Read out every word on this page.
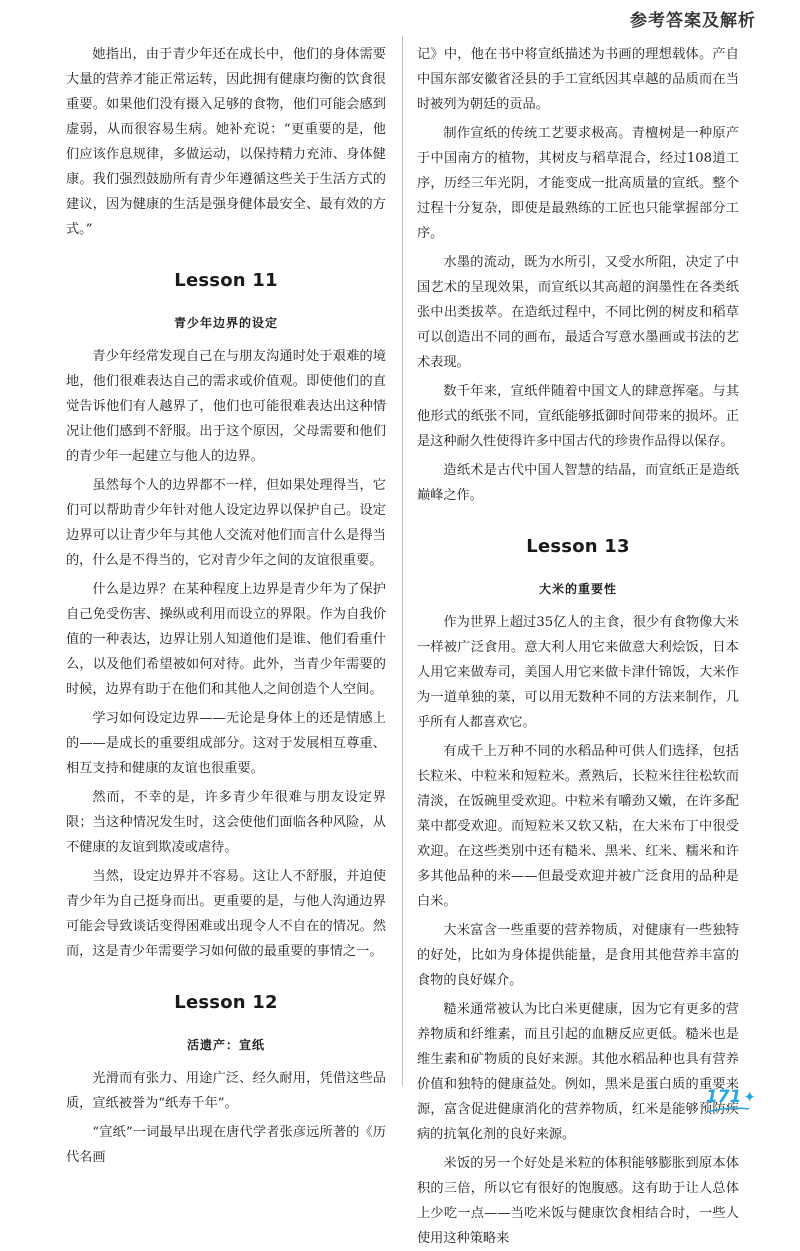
参考答案及解析

她指出，由于青少年还在成长中，他们的身体需要大量的营养才能正常运转，因此拥有健康均衡的饮食很重要。如果他们没有摄入足够的食物，他们可能会感到虚弱，从而很容易生病。她补充说：“更重要的是，他们应该作息规律，多做运动，以保持精力充沛、身体健康。我们强烈鼓励所有青少年遵循这些关于生活方式的建议，因为健康的生活是强身健体最安全、最有效的方式。”

Lesson 11
青少年边界的设定

青少年经常发现自己在与朋友沟通时处于艰难的境地，他们很难表达自己的需求或价值观。即使他们的直觉告诉他们有人越界了，他们也可能很难表达出这种情况让他们感到不舒服。出于这个原因，父母需要和他们的青少年一起建立与他人的边界。

虽然每个人的边界都不一样，但如果处理得当，它们可以帮助青少年针对他人设定边界以保护自己。设定边界可以让青少年与其他人交流对他们而言什么是得当的，什么是不得当的，它对青少年之间的友谊很重要。

什么是边界？在某种程度上边界是青少年为了保护自己免受伤害、操纵或利用而设立的界限。作为自我价值的一种表达，边界让别人知道他们是谁、他们看重什么，以及他们希望被如何对待。此外，当青少年需要的时候，边界有助于在他们和其他人之间创造个人空间。

学习如何设定边界——无论是身体上的还是情感上的——是成长的重要组成部分。这对于发展相互尊重、相互支持和健康的友谊也很重要。

然而，不幸的是，许多青少年很难与朋友设定界限；当这种情况发生时，这会使他们面临各种风险，从不健康的友谊到欺凌或虐待。

当然，设定边界并不容易。这让人不舒服，并迫使青少年为自己挺身而出。更重要的是，与他人沟通边界可能会导致谈话变得困难或出现令人不自在的情况。然而，这是青少年需要学习如何做的最重要的事情之一。

Lesson 12
活遗产：宣纸

光滑而有张力、用途广泛、经久耐用，凭借这些品质，宣纸被誉为“纸寿千年”。

“宣纸”一词最早出现在唐代学者张彦远所著的《历代名画

记》中，他在书中将宣纸描述为书画的理想载体。产自中国东部安徽省泾县的手工宣纸因其卓越的品质而在当时被列为朝廷的贡品。

制作宣纸的传统工艺要求极高。青檀树是一种原产于中国南方的植物，其树皮与稻草混合，经过108道工序，历经三年光阴，才能变成一批高质量的宣纸。整个过程十分复杂，即使是最熟练的工匠也只能掌握部分工序。

水墨的流动，既为水所引，又受水所阻，决定了中国艺术的呈现效果，而宣纸以其高超的润墨性在各类纸张中出类拔萃。在造纸过程中，不同比例的树皮和稻草可以创造出不同的画布，最适合写意水墨画或书法的艺术表现。

数千年来，宣纸伴随着中国文人的肆意挥毫。与其他形式的纸张不同，宣纸能够抵御时间带来的损坏。正是这种耐久性使得许多中国古代的珍贵作品得以保存。

造纸术是古代中国人智慧的结晶，而宣纸正是造纸巅峰之作。

Lesson 13
大米的重要性

作为世界上超过35亿人的主食，很少有食物像大米一样被广泛食用。意大利人用它来做意大利烩饭，日本人用它来做寿司，美国人用它来做卡津什锦饭，大米作为一道单独的菜，可以用无数种不同的方法来制作，几乎所有人都喜欢它。

有成千上万种不同的水稻品种可供人们选择，包括长粒米、中粒米和短粒米。煮熟后，长粒米往往松软而清淡，在饭碗里受欢迎。中粒米有嚼劲又嫩，在许多配菜中都受欢迎。而短粒米又软又粘，在大米布丁中很受欢迎。在这些类别中还有糙米、黑米、红米、糯米和许多其他品种的米——但最受欢迎并被广泛食用的品种是白米。

大米富含一些重要的营养物质，对健康有一些独特的好处，比如为身体提供能量，是食用其他营养丰富的食物的良好媒介。

糙米通常被认为比白米更健康，因为它有更多的营养物质和纤维素，而且引起的血糖反应更低。糙米也是维生素和矿物质的良好来源。其他水稻品种也具有营养价值和独特的健康益处。例如，黑米是蛋白质的重要来源，富含促进健康消化的营养物质，红米是能够预防疾病的抗氧化剂的良好来源。

米饭的另一个好处是米粒的体积能够膨胀到原本体积的三倍，所以它有很好的饱腹感。这有助于让人总体上少吃一点——当吃米饭与健康饮食相结合时，一些人使用这种策略来

171 ✦
